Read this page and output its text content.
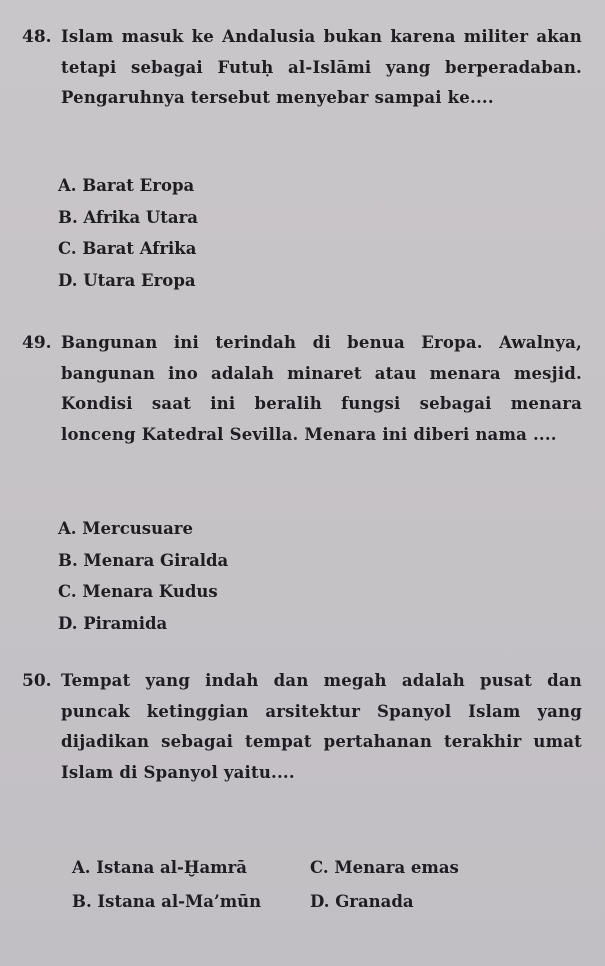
48. Islam masuk ke Andalusia bukan karena militer akan tetapi sebagai Futuḥ al-Islāmi yang berperadaban. Pengaruhnya tersebut menyebar sampai ke....
A. Barat Eropa
B. Afrika Utara
C. Barat Afrika
D. Utara Eropa
49. Bangunan ini terindah di benua Eropa. Awalnya, bangunan ino adalah minaret atau menara mesjid. Kondisi saat ini beralih fungsi sebagai menara lonceng Katedral Sevilla. Menara ini diberi nama ....
A. Mercusuare
B. Menara Giralda
C. Menara Kudus
D. Piramida
50. Tempat yang indah dan megah adalah pusat dan puncak ketinggian arsitektur Spanyol Islam yang dijadikan sebagai tempat pertahanan terakhir umat Islam di Spanyol yaitu....
A. Istana al-Ḫamrā	C. Menara emas
B. Istana al-Ma’mūn	D. Granada
